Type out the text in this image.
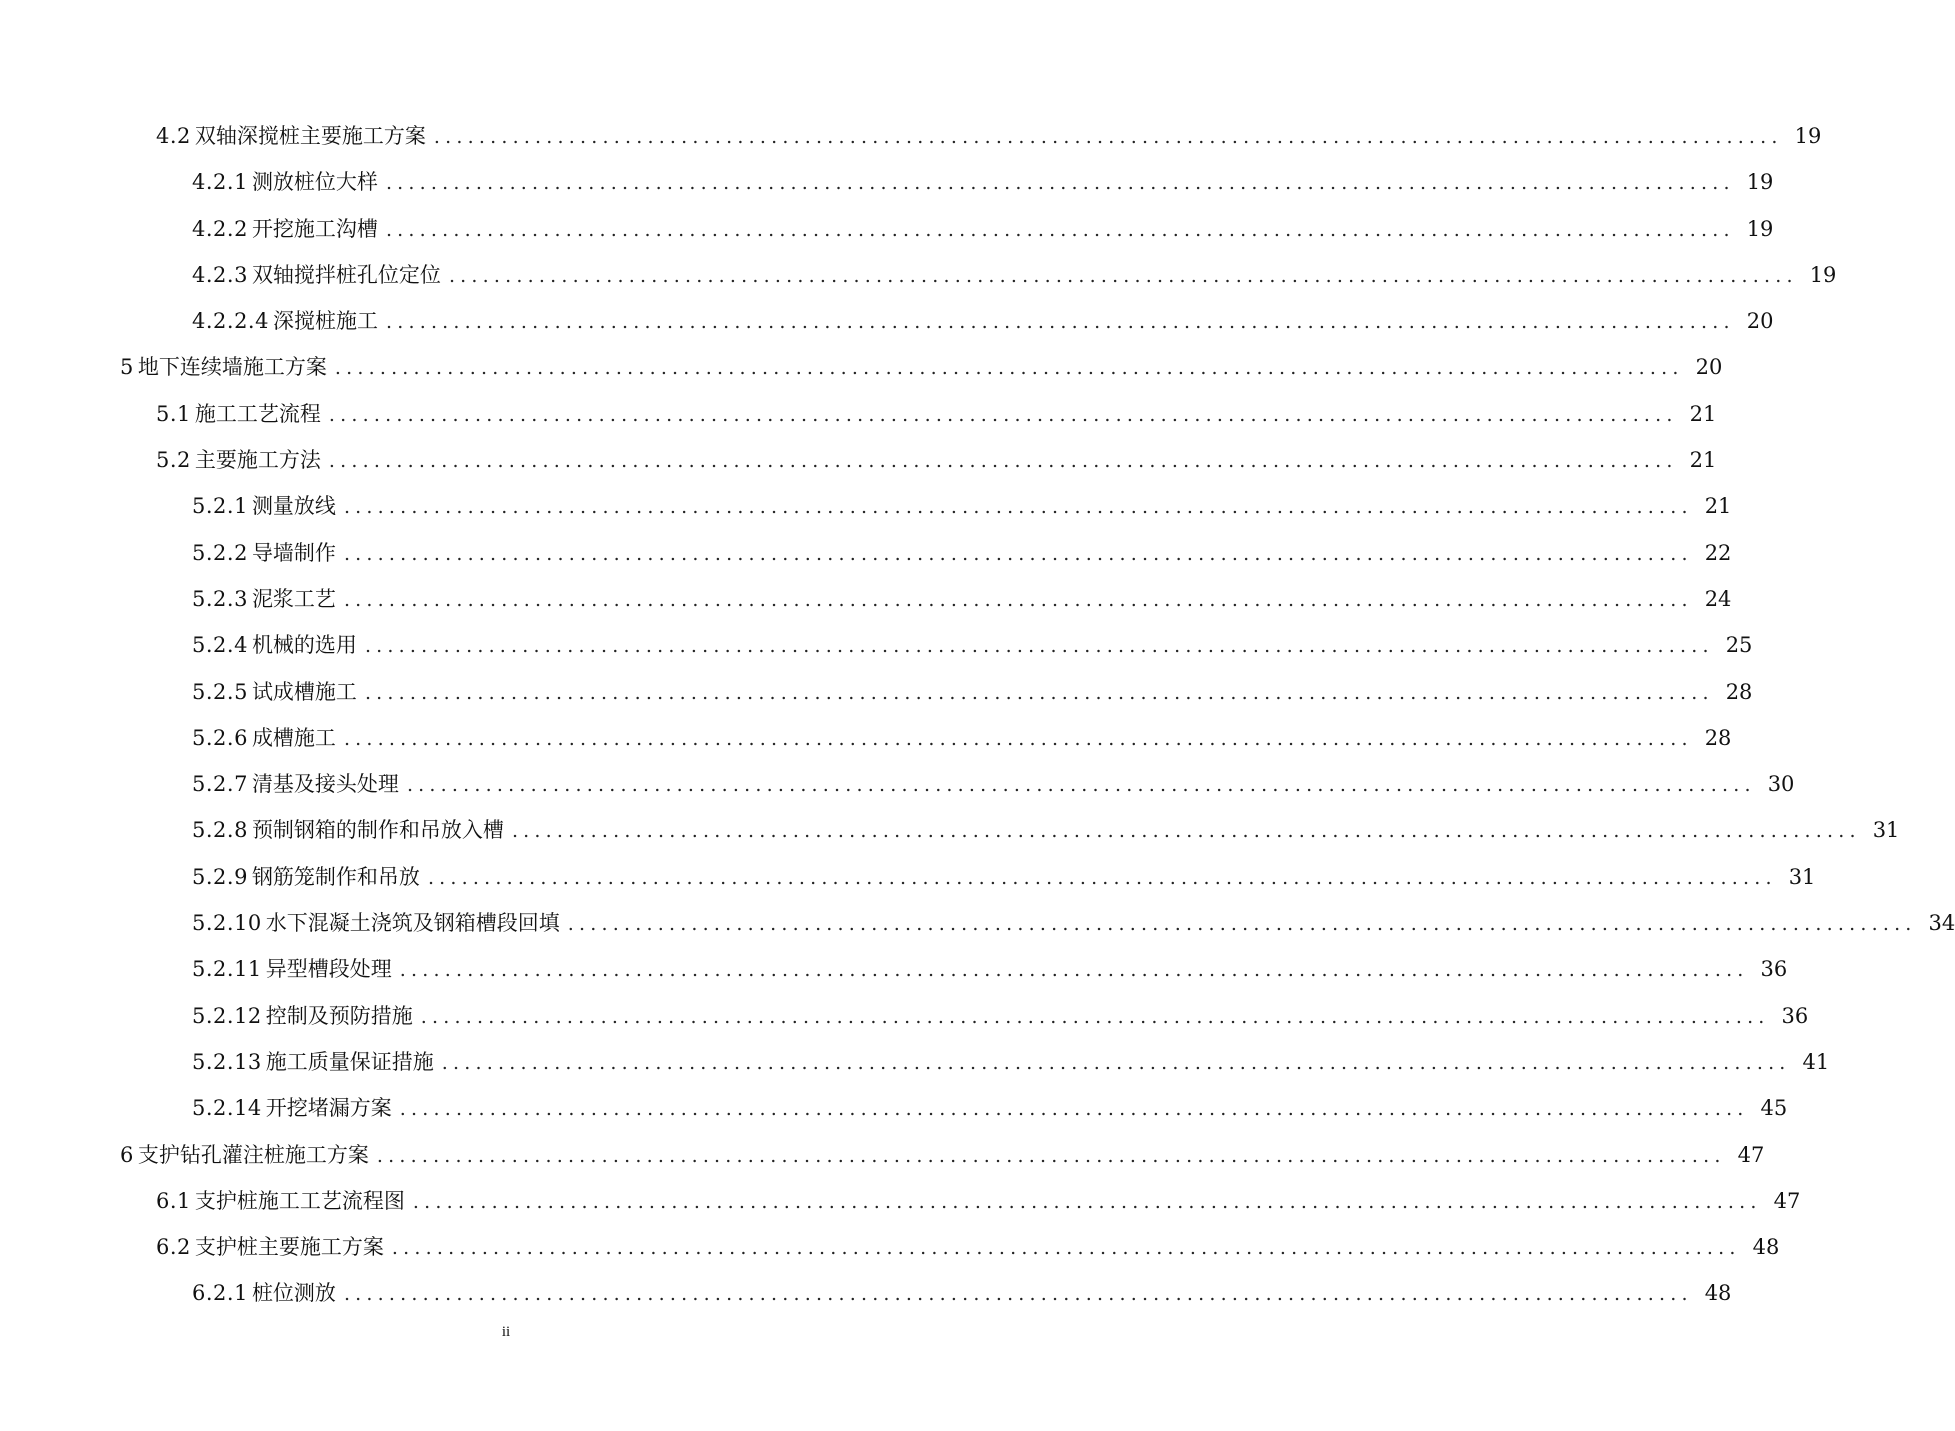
4.2 双轴深搅桩主要施工方案 ........................................................................................................................ 19
4.2.1 测放桩位大样 ........................................................................................................................ 19
4.2.2 开挖施工沟槽 ........................................................................................................................ 19
4.2.3 双轴搅拌桩孔位定位 ........................................................................................................................ 19
4.2.2.4 深搅桩施工 ........................................................................................................................ 20
5 地下连续墙施工方案 ........................................................................................................................ 20
5.1 施工工艺流程 ........................................................................................................................ 21
5.2 主要施工方法 ........................................................................................................................ 21
5.2.1 测量放线 ........................................................................................................................ 21
5.2.2 导墙制作 ........................................................................................................................ 22
5.2.3 泥浆工艺 ........................................................................................................................ 24
5.2.4 机械的选用 ........................................................................................................................ 25
5.2.5 试成槽施工 ........................................................................................................................ 28
5.2.6 成槽施工 ........................................................................................................................ 28
5.2.7 清基及接头处理 ........................................................................................................................ 30
5.2.8 预制钢箱的制作和吊放入槽 ........................................................................................................................ 31
5.2.9 钢筋笼制作和吊放 ........................................................................................................................ 31
5.2.10 水下混凝土浇筑及钢箱槽段回填 ........................................................................................................................ 34
5.2.11 异型槽段处理 ........................................................................................................................ 36
5.2.12 控制及预防措施 ........................................................................................................................ 36
5.2.13 施工质量保证措施 ........................................................................................................................ 41
5.2.14 开挖堵漏方案 ........................................................................................................................ 45
6 支护钻孔灌注桩施工方案 ........................................................................................................................ 47
6.1 支护桩施工工艺流程图 ........................................................................................................................ 47
6.2 支护桩主要施工方案 ........................................................................................................................ 48
6.2.1 桩位测放 ........................................................................................................................ 48
ii
